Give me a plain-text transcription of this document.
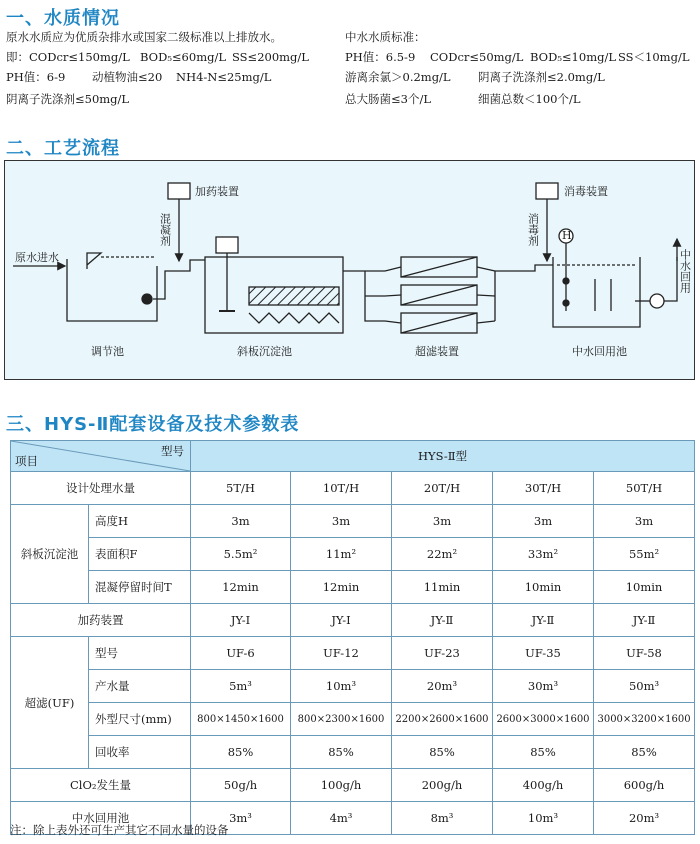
一、水质情况
原水水质应为优质杂排水或国家二级标准以上排放水。
即：CODcr≤150mg/L BOD₅≤60mg/L SS≤200mg/L
PH值：6-9 动植物油≤20 NH4-N≤25mg/L
阴离子洗涤剂≤50mg/L
中水水质标准：
PH值：6.5-9 CODcr≤50mg/L BOD₅≤10mg/L SS＜10mg/L
游离余氯＞0.2mg/L 阴离子洗涤剂≤2.0mg/L
总大肠菌≤3个/L	细菌总数＜100个/L
二、工艺流程
原水进水
加药装置	消毒装置
H
调节池	斜板沉淀池	超滤装置	中水回用池
混凝剂	消毒剂
中水回用
三、HYS-Ⅱ配套设备及技术参数表
型号
项目		HYS-Ⅱ型				
设计处理水量		5T/H	10T/H	20T/H	30T/H	50T/H
斜板沉淀池	高度H	3m	3m	3m	3m	3m
	表面积F	5.5m²	11m²	22m²	33m²	55m²
	混凝停留时间T	12min	12min	11min	10min	10min
加药装置		JY-Ⅰ	JY-Ⅰ	JY-Ⅱ	JY-Ⅱ	JY-Ⅱ
超滤(UF)	型号	UF-6	UF-12	UF-23	UF-35	UF-58
	产水量	5m³	10m³	20m³	30m³	50m³
	外型尺寸(mm)	800×1450×1600	800×2300×1600	2200×2600×1600	2600×3000×1600	3000×3200×1600
	回收率	85%	85%	85%	85%	85%
ClO₂发生量		50g/h	100g/h	200g/h	400g/h	600g/h
中水回用池		3m³	4m³	8m³	10m³	20m³
注：除上表外还可生产其它不同水量的设备
